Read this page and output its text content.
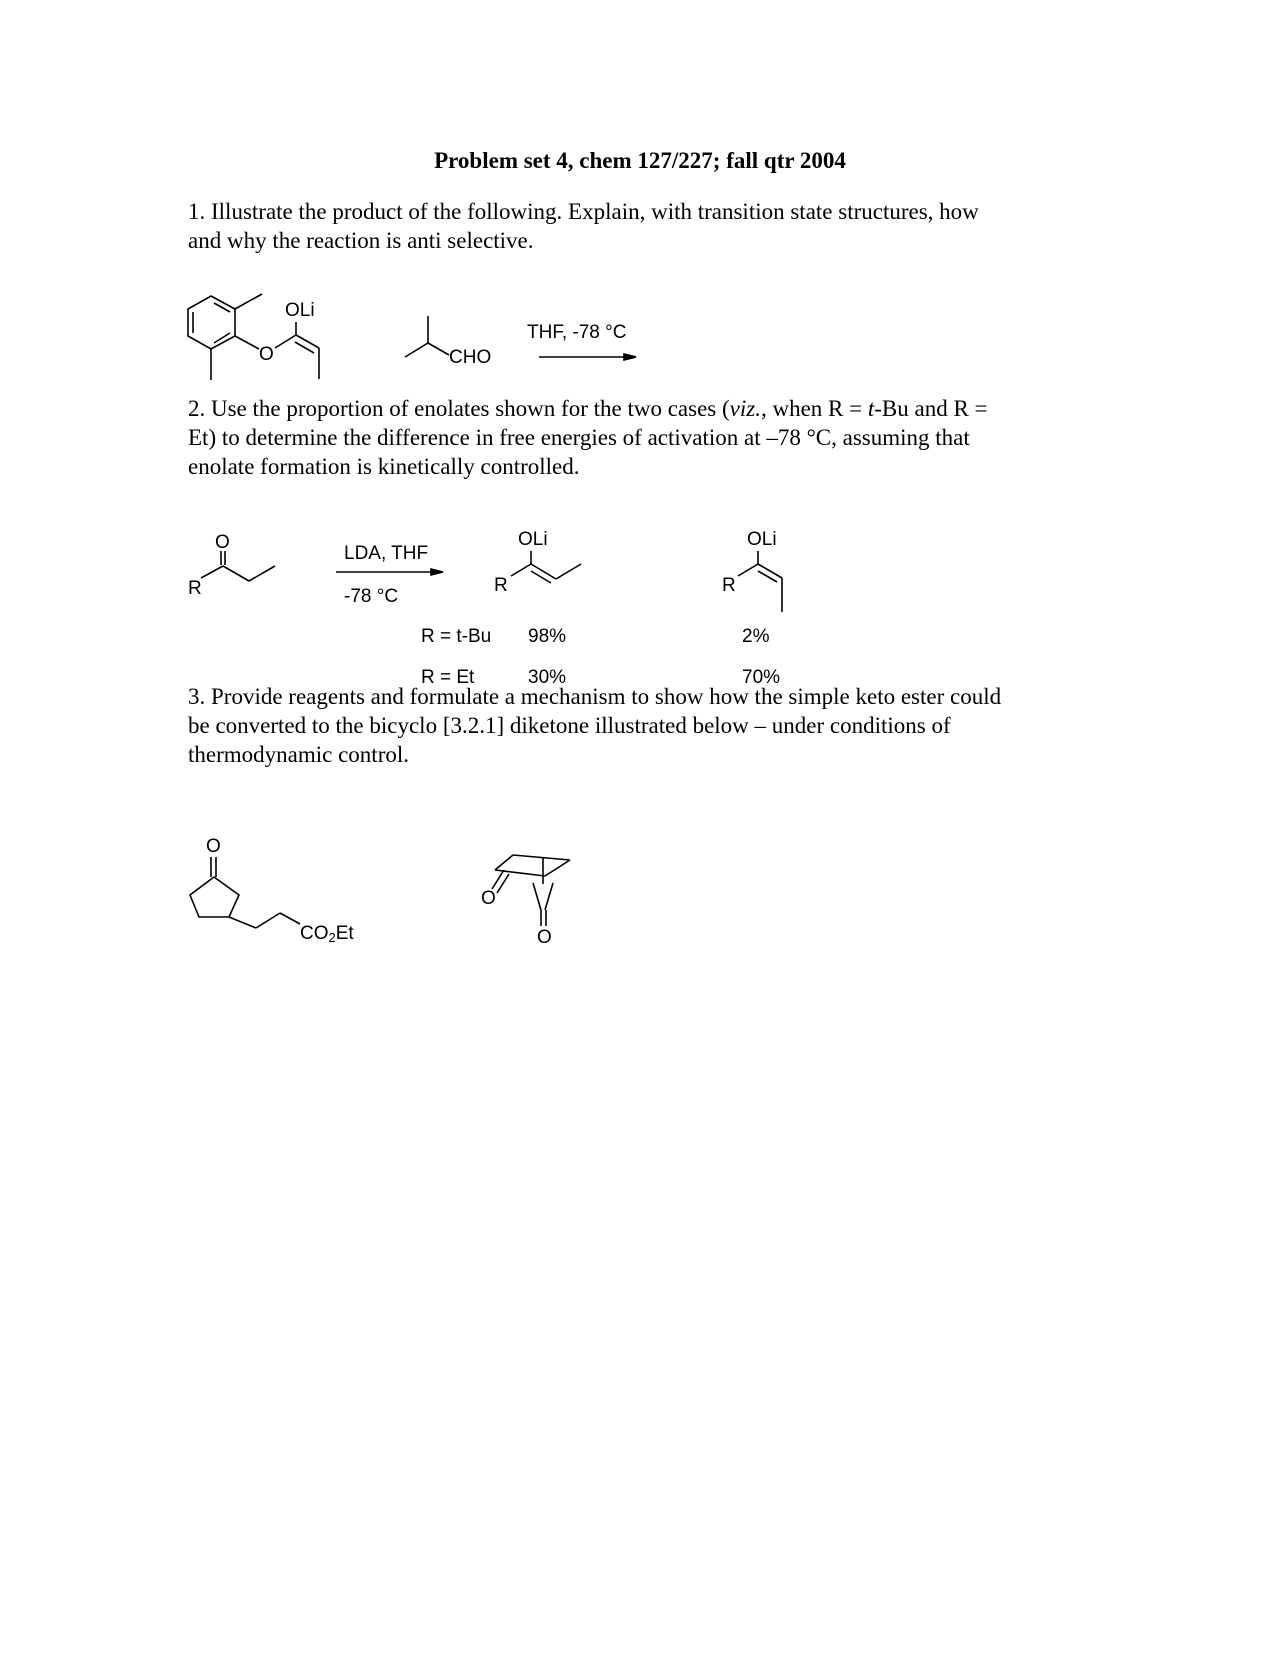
Problem set 4, chem 127/227; fall qtr 2004
1. Illustrate the product of the following. Explain, with transition state structures, how
and why the reaction is anti selective.
2. Use the proportion of enolates shown for the two cases (viz., when R = t-Bu and R =
Et) to determine the difference in free energies of activation at –78 °C, assuming that
enolate formation is kinetically controlled.
3. Provide reagents and formulate a mechanism to show how the simple keto ester could
be converted to the bicyclo [3.2.1] diketone illustrated below – under conditions of
thermodynamic control.
OLi
O	CHO
THF, -78 °C
O
R
LDA, THF
-78 °C
OLi
R
OLi
R
R = t-Bu 98%	2%
R = Et	30%	70%
O
$CO_2Et$
O
O
